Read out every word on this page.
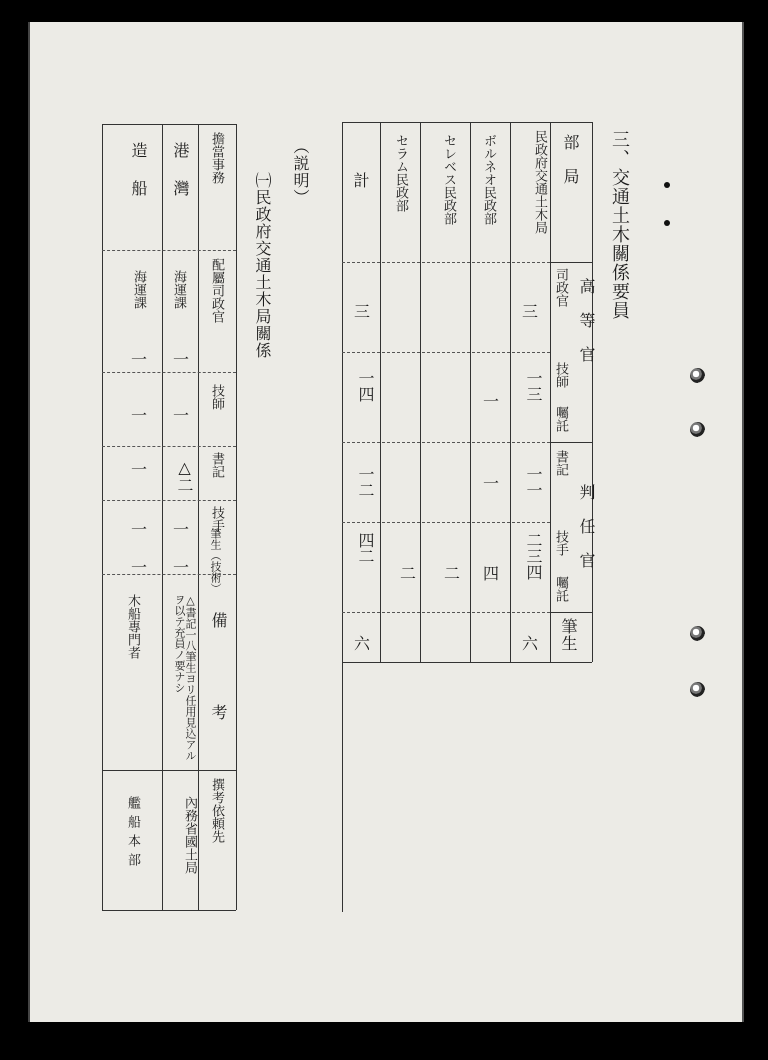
三、交通土木關係要員
部　局
高　等　官
司政官
技師
囑託
判　任　官
書記
技手
囑託
筆生
民政府交通土木局
三
一三
一一
二三四
六
ボルネオ民政部
一
一
四
セレベス民政部
二
セラム民政部
二
計
三
一四
一二
四二
六
（説明）
㈠民政府交通土木局關係
擔當事務
配屬司政官
技師
書記
技手
筆生（技術）
備　考
撰考依頼先
港灣
海運課
一
一
△二
一
一
△書記一八筆生ヨリ任用見込アルヲ以テ充員ノ要ナシ
內務省國土局
造船
海運課
一
一
一
一
一
木船專門者
艦船本部
